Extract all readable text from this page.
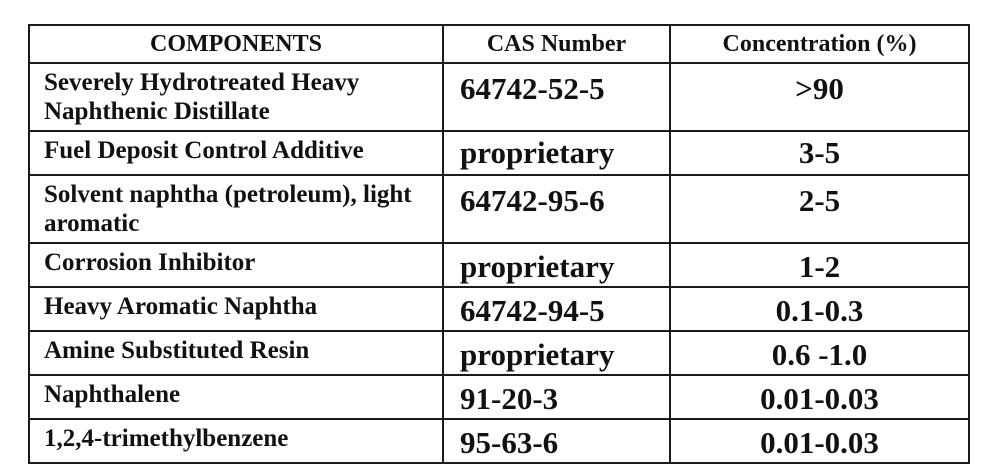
COMPONENTS	CAS Number	Concentration (%)
Severely Hydrotreated Heavy Naphthenic Distillate	64742-52-5	>90
Fuel Deposit Control Additive	proprietary	3-5
Solvent naphtha (petroleum), light aromatic	64742-95-6	2-5
Corrosion Inhibitor	proprietary	1-2
Heavy Aromatic Naphtha	64742-94-5	0.1-0.3
Amine Substituted Resin	proprietary	0.6 -1.0
Naphthalene	91-20-3	0.01-0.03
1,2,4-trimethylbenzene	95-63-6	0.01-0.03
